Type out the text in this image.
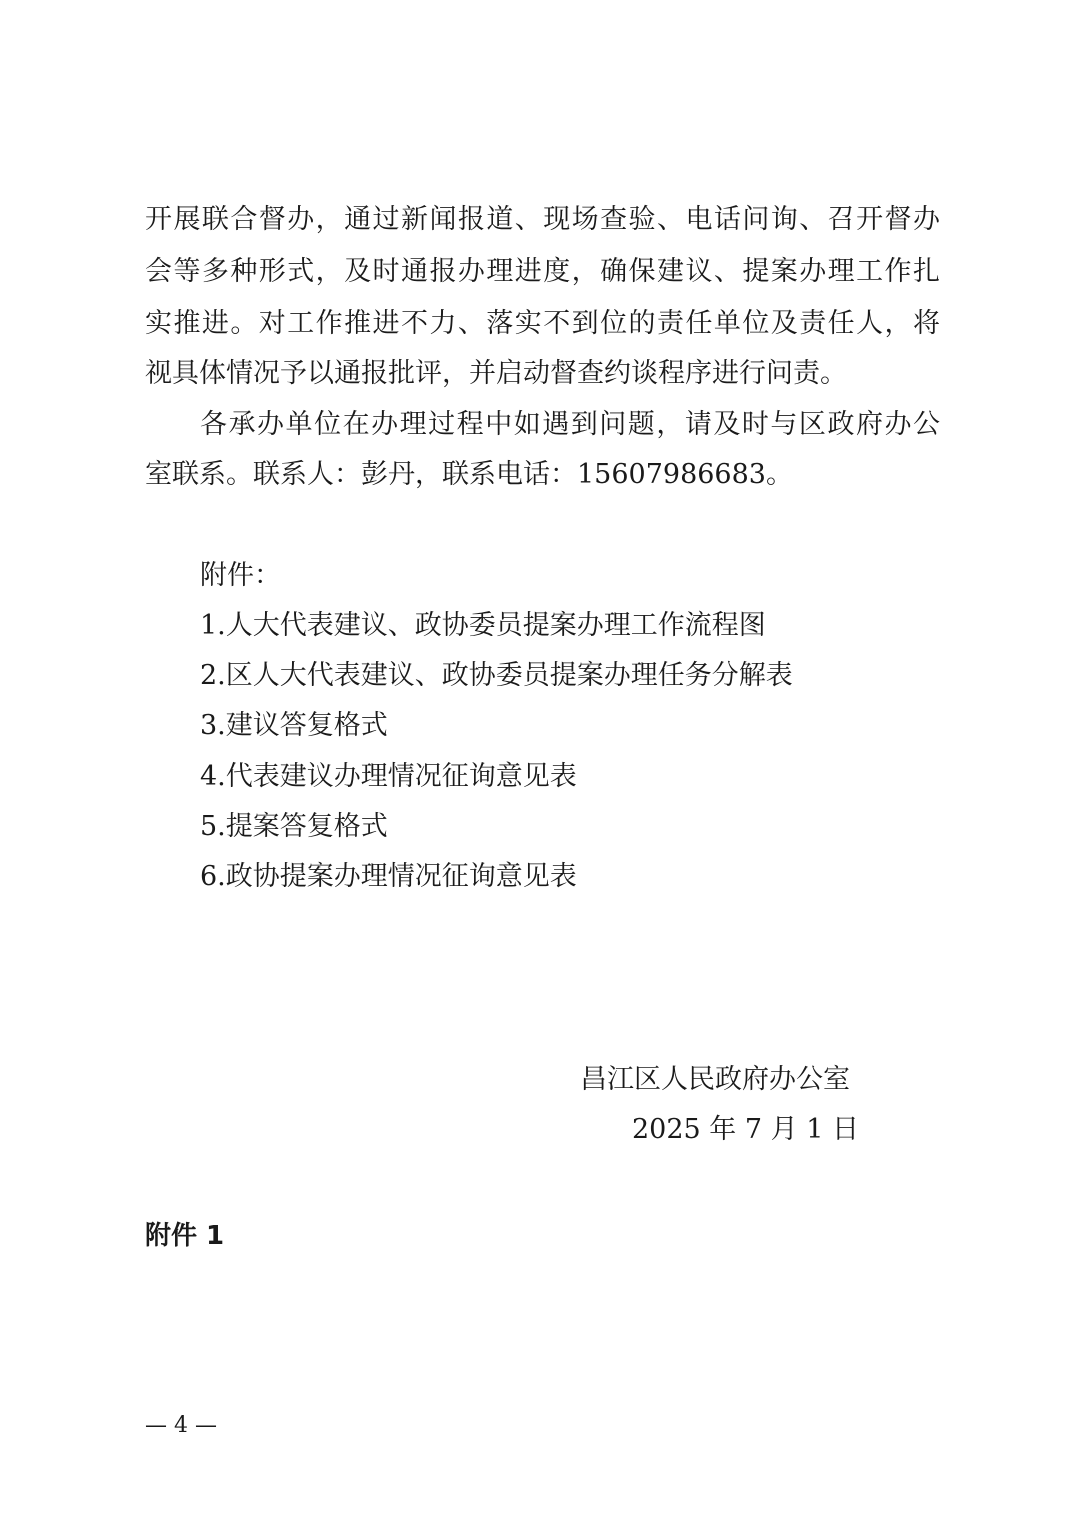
开展联合督办，通过新闻报道、现场查验、电话问询、召开督办
会等多种形式，及时通报办理进度，确保建议、提案办理工作扎
实推进。对工作推进不力、落实不到位的责任单位及责任人，将
视具体情况予以通报批评，并启动督查约谈程序进行问责。
各承办单位在办理过程中如遇到问题，请及时与区政府办公
室联系。联系人：彭丹，联系电话：15607986683。
附件：
1.人大代表建议、政协委员提案办理工作流程图
2.区人大代表建议、政协委员提案办理任务分解表
3.建议答复格式
4.代表建议办理情况征询意见表
5.提案答复格式
6.政协提案办理情况征询意见表
昌江区人民政府办公室
2025 年 7 月 1 日
附件 1
— 4 —
